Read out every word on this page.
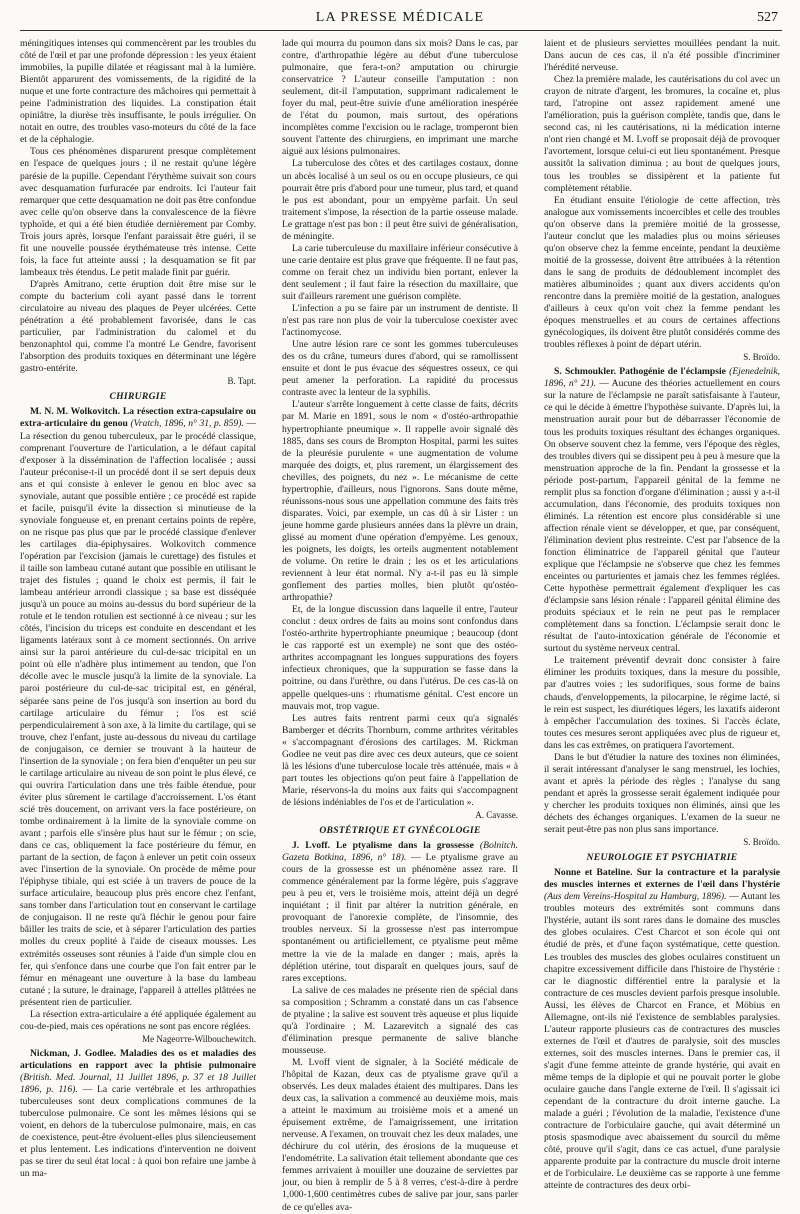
LA PRESSE MÉDICALE	527

méningitiques intenses qui commencèrent par les troubles du côté de l'œil et par une profonde dépression : les yeux étaient immobiles, la pupille dilatée et réagissant mal à la lumière. Bientôt apparurent des vomissements, de la rigidité de la nuque et une forte contracture des mâchoires qui permettait à peine l'administration des liquides. La constipation était opiniâtre, la diurèse très insuffisante, le pouls irrégulier. On notait en outre, des troubles vaso-moteurs du côté de la face et de la céphalogie.

Tous ces phénomènes disparurent presque complètement en l'espace de quelques jours ; il ne restait qu'une légère parésie de la pupille. Cependant l'érythème suivait son cours avec desquamation furfuracée par endroits. Ici l'auteur fait remarquer que cette desquamation ne doit pas être confondue avec celle qu'on observe dans la convalescence de la fièvre typhoïde, et qui a été bien étudiée dernièrement par Comby. Trois jours après, lorsque l'enfant paraissait être guéri, il se fit une nouvelle poussée érythémateuse très intense. Cette fois, la face fut atteinte aussi ; la desquamation se fit par lambeaux très étendus. Le petit malade finit par guérir.

D'après Amitrano, cette éruption doit être mise sur le compte du bacterium coli ayant passé dans le torrent circulatoire au niveau des plaques de Peyer ulcérées. Cette pénétration a été probablement favorisée, dans le cas particulier, par l'administration du calomel et du benzonaphtol qui, comme l'a montré Le Gendre, favorisent l'absorption des produits toxiques en déterminant une légère gastro-entérite.

B. Tapt.
CHIRURGIE

M. N. M. Wolkovitch. La résection extra-capsulaire ou extra-articulaire du genou (Vratch, 1896, n° 31, p. 859). — La résection du genou tuberculeux, par le procédé classique, comprenant l'ouverture de l'articulation, a le défaut capital d'exposer à la dissémination de l'affection localisée ; aussi l'auteur préconise-t-il un procédé dont il se sert depuis deux ans et qui consiste à enlever le genou en bloc avec sa synoviale, autant que possible entière ; ce procédé est rapide et facile, puisqu'il évite la dissection si minutieuse de la synoviale fongueuse et, en prenant certains points de repère, on ne risque pas plus que par le procédé classique d'enlever les cartilages dia-épiphysaires. Wolkovitch commence l'opération par l'excision (jamais le curettage) des fistules et il taille son lambeau cutané autant que possible en utilisant le trajet des fistules ; quand le choix est permis, il fait le lambeau antérieur arrondi classique ; sa base est disséquée jusqu'à un pouce au moins au-dessus du bord supérieur de la rotule et le tendon rotulien est sectionné à ce niveau ; sur les côtés, l'incision du triceps est conduite en descendant et les ligaments latéraux sont à ce moment sectionnés. On arrive ainsi sur la paroi antérieure du cul-de-sac tricipital en un point où elle n'adhère plus intimement au tendon, que l'on décolle avec le muscle jusqu'à la limite de la synoviale. La paroi postérieure du cul-de-sac tricipital est, en général, séparée sans peine de l'os jusqu'à son insertion au bord du cartilage articulaire du fémur ; l'os est scié perpendiculairement à son axe, à la limite du cartilage, qui se trouve, chez l'enfant, juste au-dessous du niveau du cartilage de conjugaison, ce dernier se trouvant à la hauteur de l'insertion de la synoviale ; on fera bien d'enquêter un peu sur le cartilage articulaire au niveau de son point le plus élevé, ce qui ouvrira l'articulation dans une très faible étendue, pour éviter plus sûrement le cartilage d'accroissement. L'os étant scié très doucement, on arrivant vers la face postérieure, on tombe ordinairement à la limite de la synoviale comme on avant ; parfois elle s'insère plus haut sur le fémur ; on scie, dans ce cas, obliquement la face postérieure du fémur, en partant de la section, de façon à enlever un petit coin osseux avec l'insertion de la synoviale. On procède de même pour l'épiphyse tibiale, qui est sciée à un travers de pouce de la surface articulaire, beaucoup plus près encore chez l'enfant, sans tomber dans l'articulation tout en conservant le cartilage de conjugaison. Il ne reste qu'à fléchir le genou pour faire bâiller les traits de scie, et à séparer l'articulation des parties molles du creux poplité à l'aide de ciseaux mousses. Les extrémités osseuses sont réunies à l'aide d'un simple clou en fer, qui s'enfonce dans une courbe que l'on fait entrer par le fémur en ménageant une ouverture à la base du lambeau cutané ; la suture, le drainage, l'appareil à attelles plâtrées ne présentent rien de particulier.

La résection extra-articulaire a été appliquée également au cou-de-pied, mais ces opérations ne sont pas encore réglées.

Me Nagеоттe-Wilbouchewitch.

Nickman, J. Godlee. Maladies des os et maladies des articulations en rapport avec la phtisie pulmonaire (British. Med. Journal, 11 Juillet 1896, p. 37 et 18 Juillet 1896, p. 116). — La carie vertébrale et les arthropathies tuberculeuses sont deux complications communes de la tuberculose pulmonaire. Ce sont les mêmes lésions qui se voient, en dehors de la tuberculose pulmonaire, mais, en cas de coexistence, peut-être évoluent-elles plus silencieusement et plus lentement. Les indications d'intervention ne doivent pas se tirer du seul état local : à quoi bon refaire une jambe à un ma-

lade qui mourra du poumon dans six mois? Dans le cas, par contre, d'arthropathie légère au début d'une tuberculose pulmonaire, que fera-t-on? amputation ou chirurgie conservatrice ? L'auteur conseille l'amputation : non seulement, dit-il l'amputation, supprimant radicalement le foyer du mal, peut-être suivie d'une amélioration inespérée de l'état du poumon, mais surtout, des opérations incomplètes comme l'excision ou le raclage, tromperont bien souvent l'attente des chirurgiens, en imprimant une marche aiguë aux lésions pulmonaires.

La tuberculose des côtes et des cartilages costaux, donne un abcès localisé à un seul os ou en occupe plusieurs, ce qui pourrait être pris d'abord pour une tumeur, plus tard, et quand le pus est abondant, pour un empyème parfait. Un seul traitement s'impose, la résection de la partie osseuse malade. Le grattage n'est pas bon : il peut être suivi de généralisation, de méningite.

La carie tuberculeuse du maxillaire inférieur consécutive à une carie dentaire est plus grave que fréquente. Il ne faut pas, comme on ferait chez un individu bien portant, enlever la dent seulement ; il faut faire la résection du maxillaire, que suit d'ailleurs rarement une guérison complète.

L'infection a pu se faire par un instrument de dentiste. Il n'est pas rare non plus de voir la tuberculose coexister avec l'actinomycose.

Une autre lésion rare ce sont les gommes tuberculeuses des os du crâne, tumeurs dures d'abord, qui se ramollissent ensuite et dont le pus évacue des séquestres osseux, ce qui peut amener la perforation. La rapidité du processus contraste avec la lenteur de la syphilis.

L'auteur s'arrête longuement à cette classe de faits, décrits par M. Marie en 1891, sous le nom « d'ostéo-arthropathie hypertrophiante pneumique ». Il rappelle avoir signalé dès 1885, dans ses cours de Brompton Hospital, parmi les suites de la pleurésie purulente « une augmentation de volume marquée des doigts, et, plus rarement, un élargissement des chevilles, des poignets, du nez ». Le mécanisme de cette hypertrophie, d'ailleurs, nous l'ignorons. Sans doute même, réunissons-nous sous une appellation commune des faits très disparates. Voici, par exemple, un cas dû à sir Lister : un jeune homme garde plusieurs années dans la plèvre un drain, glissé au moment d'une opération d'empyème. Les genoux, les poignets, les doigts, les orteils augmentent notablement de volume. On retire le drain ; les os et les articulations reviennent à leur état normal. N'y a-t-il pas eu là simple gonflement des parties molles, bien plutôt qu'ostéo-arthropathie?

Et, de la longue discussion dans laquelle il entre, l'auteur conclut : deux ordres de faits au moins sont confondus dans l'ostéo-arthrite hypertrophiante pneumique ; beaucoup (dont le cas rapporté est un exemple) ne sont que des ostéo-arthrites accompagnant les longues suppurations des foyers infectieux chroniques, que la suppuration se fasse dans la poitrine, ou dans l'urèthre, ou dans l'utérus. De ces cas-là on appelle quelques-uns : rhumatisme génital. C'est encore un mauvais mot, trop vague.

Les autres faits rentrent parmi ceux qu'a signalés Bamberger et décrits Thornburn, comme arthrites véritables « s'accompagnant d'érosions des cartilages. M. Rickman Godlee ne veut pas dire avec ces deux auteurs, que ce soient là les lésions d'une tuberculose locale très atténuée, mais « à part toutes les objections qu'on peut faire à l'appellation de Marie, réservons-la du moins aux faits qui s'accompagnent de lésions indéniables de l'os et de l'articulation ».

A. Cavasse.
OBSTÉTRIQUE ET GYNÉCOLOGIE

J. Lvoff. Le ptyalisme dans la grossesse (Bolnitch. Gazeta Botkina, 1896, n° 18). — Le ptyalisme grave au cours de la grossesse est un phénomène assez rare. Il commence généralement par la forme légère, puis s'aggrave peu à peu et, vers le troisième mois, atteint déjà un degré inquiétant ; il finit par altérer la nutrition générale, en provoquant de l'anorexie complète, de l'insomnie, des troubles nerveux. Si la grossesse n'est pas interrompue spontanément ou artificiellement, ce ptyalisme peut même mettre la vie de la malade en danger ; mais, après la déplétion utérine, tout disparaît en quelques jours, sauf de rares exceptions.

La salive de ces malades ne présente rien de spécial dans sa composition ; Schramm a constaté dans un cas l'absence de ptyaline ; la salive est souvent très aqueuse et plus liquide qu'à l'ordinaire ; M. Lazarevitch a signalé des cas d'élimination presque permanente de salive blanche mousseuse.

M. Lvoff vient de signaler, à la Société médicale de l'hôpital de Kazan, deux cas de ptyalisme grave qu'il a observés. Les deux malades étaient des multipares. Dans les deux cas, la salivation a commencé au deuxième mois, mais a atteint le maximum au troisième mois et a amené un épuisement extrême, de l'amaigrissement, une irritation nerveuse. A l'examen, on trouvait chez les deux malades, une déchirure du col utérin, des érosions de la muqueuse et l'endométrite. La salivation était tellement abondante que ces femmes arrivaient à mouiller une douzaine de serviettes par jour, ou bien à remplir de 5 à 8 verres, c'est-à-dire à perdre 1,000-1,600 centimètres cubes de salive par jour, sans parler de ce qu'elles ava-

laient et de plusieurs serviettes mouillées pendant la nuit. Dans aucun de ces cas, il n'a été possible d'incriminer l'hérédité nerveuse.

Chez la première malade, les cautérisations du col avec un crayon de nitrate d'argent, les bromures, la cocaïne et, plus tard, l'atropine ont assez rapidement amené une l'amélioration, puis la guérison complète, tandis que, dans le second cas, ni les cautérisations, ni la médication interne n'ont rien changé et M. Lvoff se proposait déjà de provoquer l'avortement, lorsque celui-ci eut lieu spontanément. Presque aussitôt la salivation diminua ; au bout de quelques jours, tous les troubles se dissipèrent et la patiente fut complètement rétablie.

En étudiant ensuite l'étiologie de cette affection, très analogue aux vomissements incoercibles et celle des troubles qu'on observe dans la première moitié de la grossesse, l'auteur conclut que les maladies plus ou moins sérieuses qu'on observe chez la femme enceinte, pendant la deuxième moitié de la grossesse, doivent être attribuées à la rétention dans le sang de produits de dédoublement incomplet des matières albuminoïdes ; quant aux divers accidents qu'on rencontre dans la première moitié de la gestation, analogues d'ailleurs à ceux qu'on voit chez la femme pendant les époques menstruelles et au cours de certaines affections gynécologiques, ils doivent être plutôt considérés comme des troubles réflexes à point de départ utérin.

S. Broïdo.

S. Schmoukler. Pathogénie de l'éclampsie (Ejenedelnik, 1896, n° 21). — Aucune des théories actuellement en cours sur la nature de l'éclampsie ne paraît satisfaisante à l'auteur, ce qui le décide à émettre l'hypothèse suivante. D'après lui, la menstruation aurait pour but de débarrasser l'économie de tous les produits toxiques résultant des échanges organiques. On observe souvent chez la femme, vers l'époque des règles, des troubles divers qui se dissipent peu à peu à mesure que la menstruation approche de la fin. Pendant la grossesse et la période post-partum, l'appareil génital de la femme ne remplit plus sa fonction d'organe d'élimination ; aussi y a-t-il accumulation, dans l'économie, des produits toxiques non éliminés. La rétention est encore plus considérable si une affection rénale vient se développer, et que, par conséquent, l'élimination devient plus restreinte. C'est par l'absence de la fonction éliminatrice de l'appareil génital que l'auteur explique que l'éclampsie ne s'observe que chez les femmes enceintes ou parturientes et jamais chez les femmes réglées. Cette hypothèse permettrait également d'expliquer les cas d'éclampsie sans lésion rénale : l'appareil génital élimine des produits spéciaux et le rein ne peut pas le remplacer complètement dans sa fonction. L'éclampsie serait donc le résultat de l'auto-intoxication générale de l'économie et surtout du système nerveux central.

Le traitement préventif devrait donc consister à faire éliminer les produits toxiques, dans la mesure du possible, par d'autres voies ; les sudorifiques, sous forme de bains chauds, d'enveloppements, la pilocarpine, le régime lacté, si le rein est suspect, les diurétiques légers, les laxatifs aideront à empêcher l'accumulation des toxines. Si l'accès éclate, toutes ces mesures seront appliquées avec plus de rigueur et, dans les cas extrêmes, on pratiquera l'avortement.

Dans le but d'étudier la nature des toxines non éliminées, il serait intéressant d'analyser le sang menstruel, les lochies, avant et après la période des règles ; l'analyse du sang pendant et après la grossesse serait également indiquée pour y chercher les produits toxiques non éliminés, ainsi que les déchets des échanges organiques. L'examen de la sueur ne serait peut-être pas non plus sans importance.

S. Broïdo.
NEUROLOGIE ET PSYCHIATRIE

Nonne et Bateline. Sur la contracture et la paralysie des muscles internes et externes de l'œil dans l'hystérie (Aus dem Vereins-Hospital zu Hamburg, 1896). — Autant les troubles moteurs des extrémités sont communs dans l'hystérie, autant ils sont rares dans le domaine des muscles des globes oculaires. C'est Charcot et son école qui ont étudié de près, et d'une façon systématique, cette question. Les troubles des muscles des globes oculaires constituent un chapitre excessivement difficile dans l'histoire de l'hystérie : car le diagnostic différentiel entre la paralysie et la contracture de ces muscles devient parfois presque insoluble. Aussi, les élèves de Charcot en France, et Möbius en Allemagne, ont-ils nié l'existence de semblables paralysies. L'auteur rapporte plusieurs cas de contractures des muscles externes de l'œil et d'autres de paralysie, soit des muscles externes, soit des muscles internes. Dans le premier cas, il s'agit d'une femme atteinte de grande hystérie, qui avait en même temps de la diplopie et qui ne pouvait porter le globe oculaire gauche dans l'angle externe de l'œil. Il s'agissait ici cependant de la contracture du droit interne gauche. La malade a guéri ; l'évolution de la maladie, l'existence d'une contracture de l'orbiculaire gauche, qui avait déterminé un ptosis spasmodique avec abaissement du sourcil du même côté, prouve qu'il s'agit, dans ce cas actuel, d'une paralysie apparente produite par la contracture du muscle droit interne et de l'orbiculaire. Le deuxième cas se rapporte à une femme atteinte de contractures des deux orbi-
